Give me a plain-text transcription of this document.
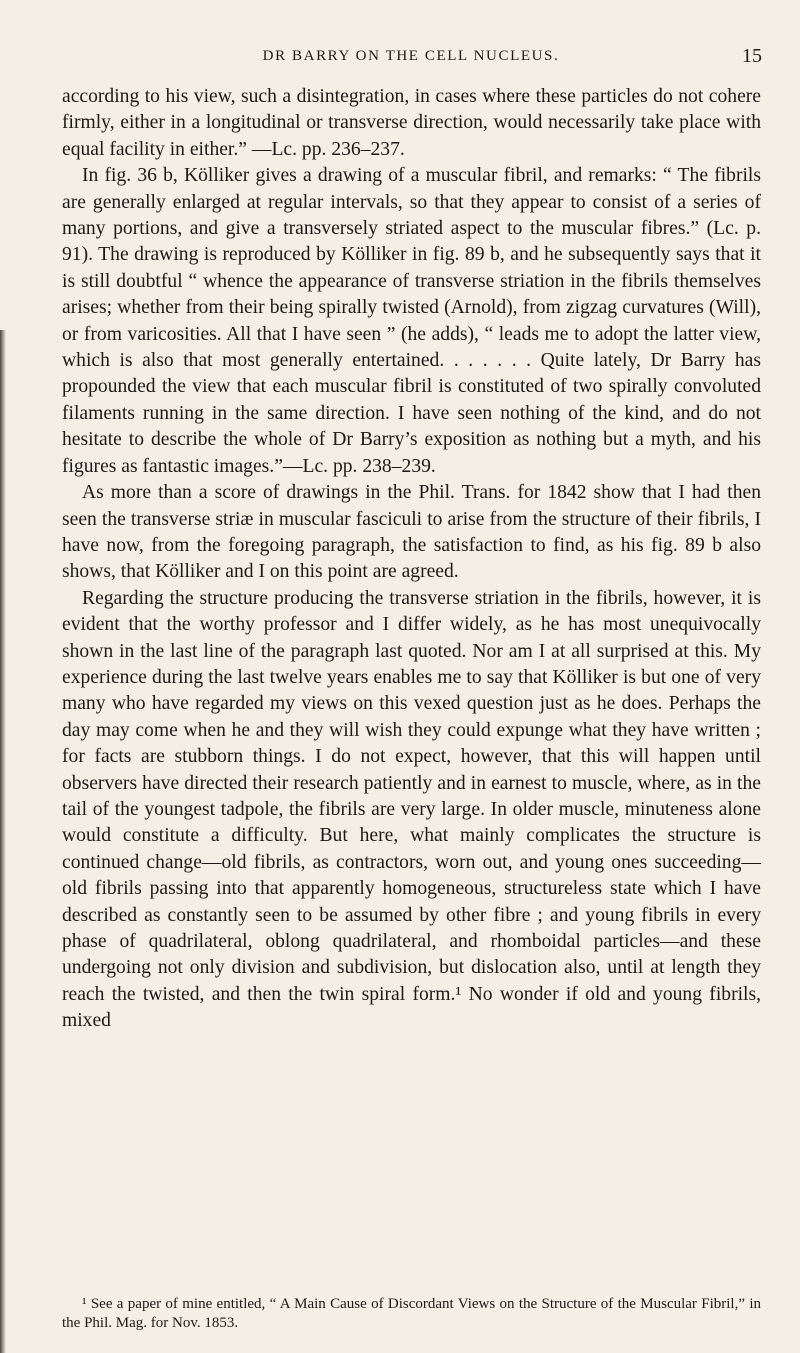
DR BARRY ON THE CELL NUCLEUS.	15

according to his view, such a disintegration, in cases where these particles do not cohere firmly, either in a longitudinal or transverse direction, would necessarily take place with equal facility in either.” —Lc. pp. 236–237.

In fig. 36 b, Kölliker gives a drawing of a muscular fibril, and remarks: “ The fibrils are generally enlarged at regular intervals, so that they appear to consist of a series of many portions, and give a transversely striated aspect to the muscular fibres.” (Lc. p. 91). The drawing is reproduced by Kölliker in fig. 89 b, and he subsequently says that it is still doubtful “ whence the appearance of transverse striation in the fibrils themselves arises; whether from their being spirally twisted (Arnold), from zigzag curvatures (Will), or from varicosities. All that I have seen ” (he adds), “ leads me to adopt the latter view, which is also that most generally entertained. . . . . . . Quite lately, Dr Barry has propounded the view that each muscular fibril is constituted of two spirally convoluted filaments running in the same direction. I have seen nothing of the kind, and do not hesitate to describe the whole of Dr Barry’s exposition as nothing but a myth, and his figures as fantastic images.”—Lc. pp. 238–239.

As more than a score of drawings in the Phil. Trans. for 1842 show that I had then seen the transverse striæ in muscular fasciculi to arise from the structure of their fibrils, I have now, from the foregoing paragraph, the satisfaction to find, as his fig. 89 b also shows, that Kölliker and I on this point are agreed.

Regarding the structure producing the transverse striation in the fibrils, however, it is evident that the worthy professor and I differ widely, as he has most unequivocally shown in the last line of the paragraph last quoted. Nor am I at all surprised at this. My experience during the last twelve years enables me to say that Kölliker is but one of very many who have regarded my views on this vexed question just as he does. Perhaps the day may come when he and they will wish they could expunge what they have written ; for facts are stubborn things. I do not expect, however, that this will happen until observers have directed their research patiently and in earnest to muscle, where, as in the tail of the youngest tadpole, the fibrils are very large. In older muscle, minuteness alone would constitute a difficulty. But here, what mainly complicates the structure is continued change—old fibrils, as contractors, worn out, and young ones succeeding—old fibrils passing into that apparently homogeneous, structureless state which I have described as constantly seen to be assumed by other fibre ; and young fibrils in every phase of quadrilateral, oblong quadrilateral, and rhomboidal particles—and these undergoing not only division and subdivision, but dislocation also, until at length they reach the twisted, and then the twin spiral form.¹ No wonder if old and young fibrils, mixed

¹ See a paper of mine entitled, “ A Main Cause of Discordant Views on the Structure of the Muscular Fibril,” in the Phil. Mag. for Nov. 1853.
